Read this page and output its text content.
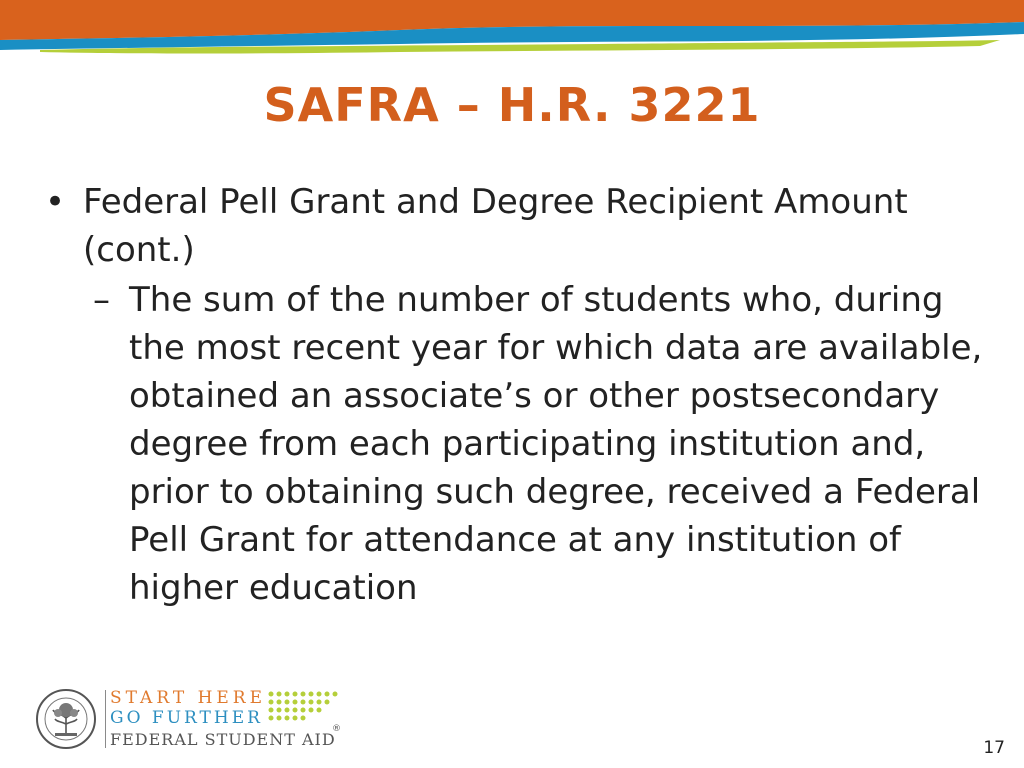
SAFRA – H.R. 3221
• Federal Pell Grant and Degree Recipient Amount (cont.)
– The sum of the number of students who, during the most recent year for which data are available, obtained an associate’s or other postsecondary degree from each participating institution and, prior to obtaining such degree, received a Federal Pell Grant for attendance at any institution of higher education
START HERE
GO FURTHER
FEDERAL STUDENT AID
®
17
